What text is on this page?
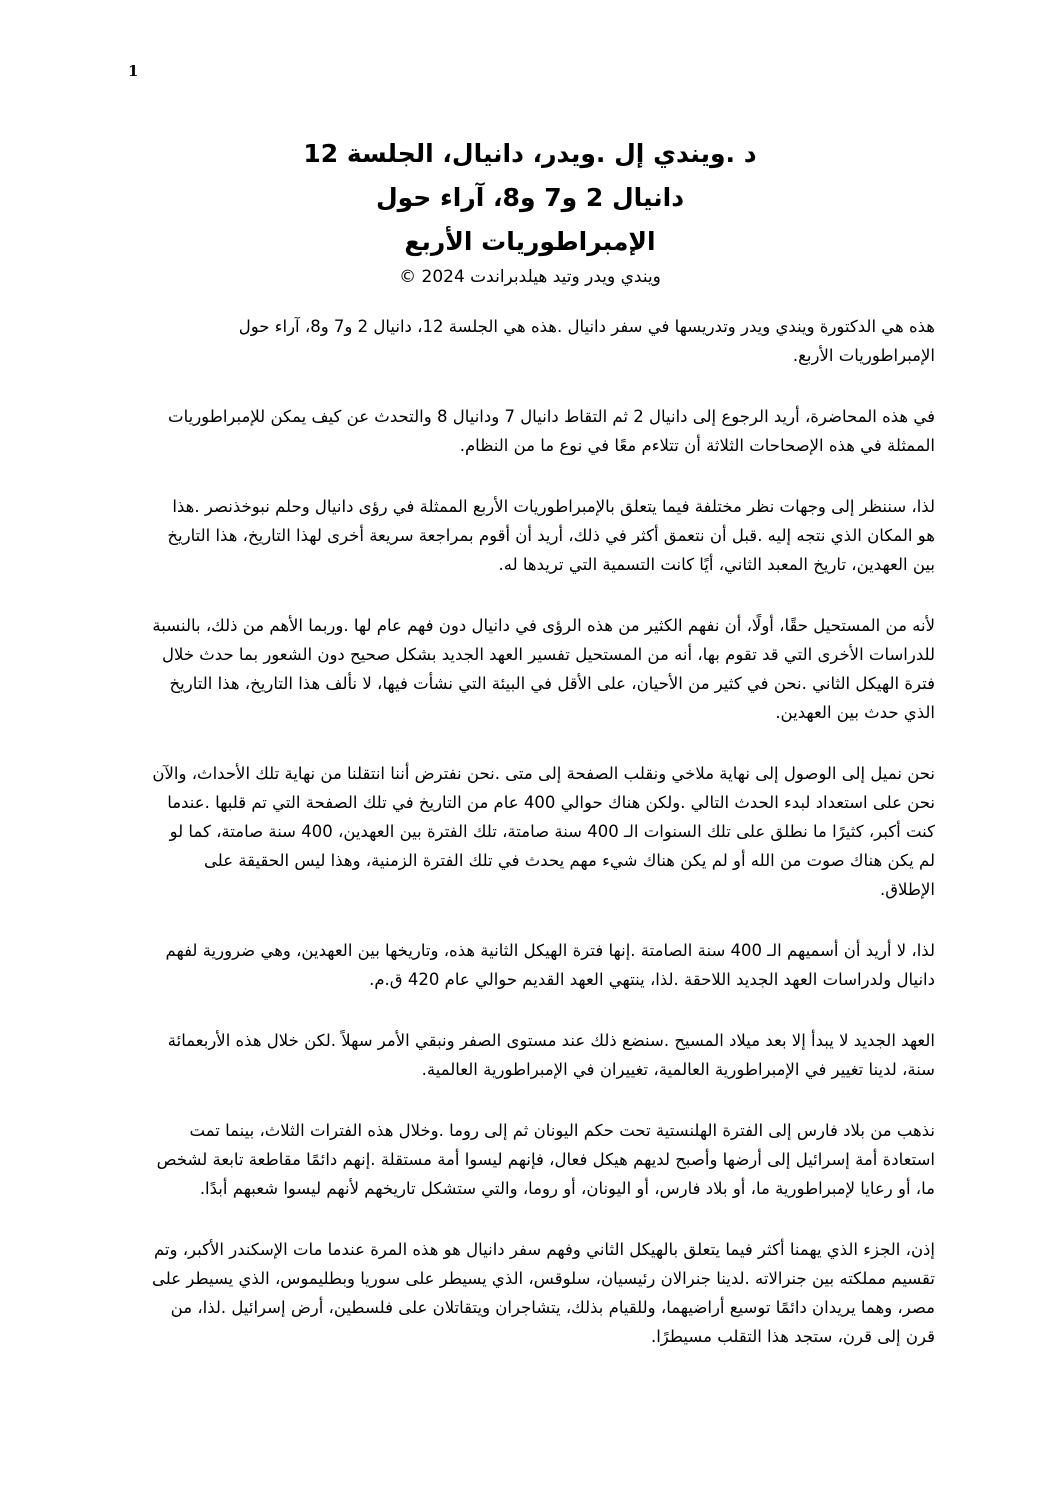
1

د .ويندي إل .ويدر، دانيال، الجلسة 12

دانيال 2 و7 و8، آراء حول

الإمبراطوريات الأربع

ويندي ويدر وتيد هيلدبراندت 2024 ©

هذه هي الدكتورة ويندي ويدر وتدريسها في سفر دانيال .هذه هي الجلسة 12، دانيال 2 و7 و8، آراء حول الإمبراطوريات الأربع.

في هذه المحاضرة، أريد الرجوع إلى دانيال 2 ثم التقاط دانيال 7 ودانيال 8 والتحدث عن كيف يمكن للإمبراطوريات الممثلة في هذه الإصحاحات الثلاثة أن تتلاءم معًا في نوع ما من النظام.

لذا، سننظر إلى وجهات نظر مختلفة فيما يتعلق بالإمبراطوريات الأربع الممثلة في رؤى دانيال وحلم نبوخذنصر .هذا هو المكان الذي نتجه إليه .قبل أن نتعمق أكثر في ذلك، أريد أن أقوم بمراجعة سريعة أخرى لهذا التاريخ، هذا التاريخ بين العهدين، تاريخ المعبد الثاني، أيًا كانت التسمية التي تريدها له.

لأنه من المستحيل حقًا، أولًا، أن نفهم الكثير من هذه الرؤى في دانيال دون فهم عام لها .وربما الأهم من ذلك، بالنسبة للدراسات الأخرى التي قد تقوم بها، أنه من المستحيل تفسير العهد الجديد بشكل صحيح دون الشعور بما حدث خلال فترة الهيكل الثاني .نحن في كثير من الأحيان، على الأقل في البيئة التي نشأت فيها، لا نألف هذا التاريخ، هذا التاريخ الذي حدث بين العهدين.

نحن نميل إلى الوصول إلى نهاية ملاخي ونقلب الصفحة إلى متى .نحن نفترض أننا انتقلنا من نهاية تلك الأحداث، والآن نحن على استعداد لبدء الحدث التالي .ولكن هناك حوالي 400 عام من التاريخ في تلك الصفحة التي تم قلبها .عندما كنت أكبر، كثيرًا ما نطلق على تلك السنوات الـ 400 سنة صامتة، تلك الفترة بين العهدين، 400 سنة صامتة، كما لو لم يكن هناك صوت من الله أو لم يكن هناك شيء مهم يحدث في تلك الفترة الزمنية، وهذا ليس الحقيقة على الإطلاق.

لذا، لا أريد أن أسميهم الـ 400 سنة الصامتة .إنها فترة الهيكل الثانية هذه، وتاريخها بين العهدين، وهي ضرورية لفهم دانيال ولدراسات العهد الجديد اللاحقة .لذا، ينتهي العهد القديم حوالي عام 420 ق.م.

العهد الجديد لا يبدأ إلا بعد ميلاد المسيح .سنضع ذلك عند مستوى الصفر ونبقي الأمر سهلاً .لكن خلال هذه الأربعمائة سنة، لدينا تغيير في الإمبراطورية العالمية، تغييران في الإمبراطورية العالمية.

نذهب من بلاد فارس إلى الفترة الهلنستية تحت حكم اليونان ثم إلى روما .وخلال هذه الفترات الثلاث، بينما تمت استعادة أمة إسرائيل إلى أرضها وأصبح لديهم هيكل فعال، فإنهم ليسوا أمة مستقلة .إنهم دائمًا مقاطعة تابعة لشخص ما، أو رعايا لإمبراطورية ما، أو بلاد فارس، أو اليونان، أو روما، والتي ستشكل تاريخهم لأنهم ليسوا شعبهم أبدًا.

إذن، الجزء الذي يهمنا أكثر فيما يتعلق بالهيكل الثاني وفهم سفر دانيال هو هذه المرة عندما مات الإسكندر الأكبر، وتم تقسيم مملكته بين جنرالاته .لدينا جنرالان رئيسيان، سلوقس، الذي يسيطر على سوريا وبطليموس، الذي يسيطر على مصر، وهما يريدان دائمًا توسيع أراضيهما، وللقيام بذلك، يتشاجران ويتقاتلان على فلسطين، أرض إسرائيل .لذا، من قرن إلى قرن، ستجد هذا التقلب مسيطرًا.
